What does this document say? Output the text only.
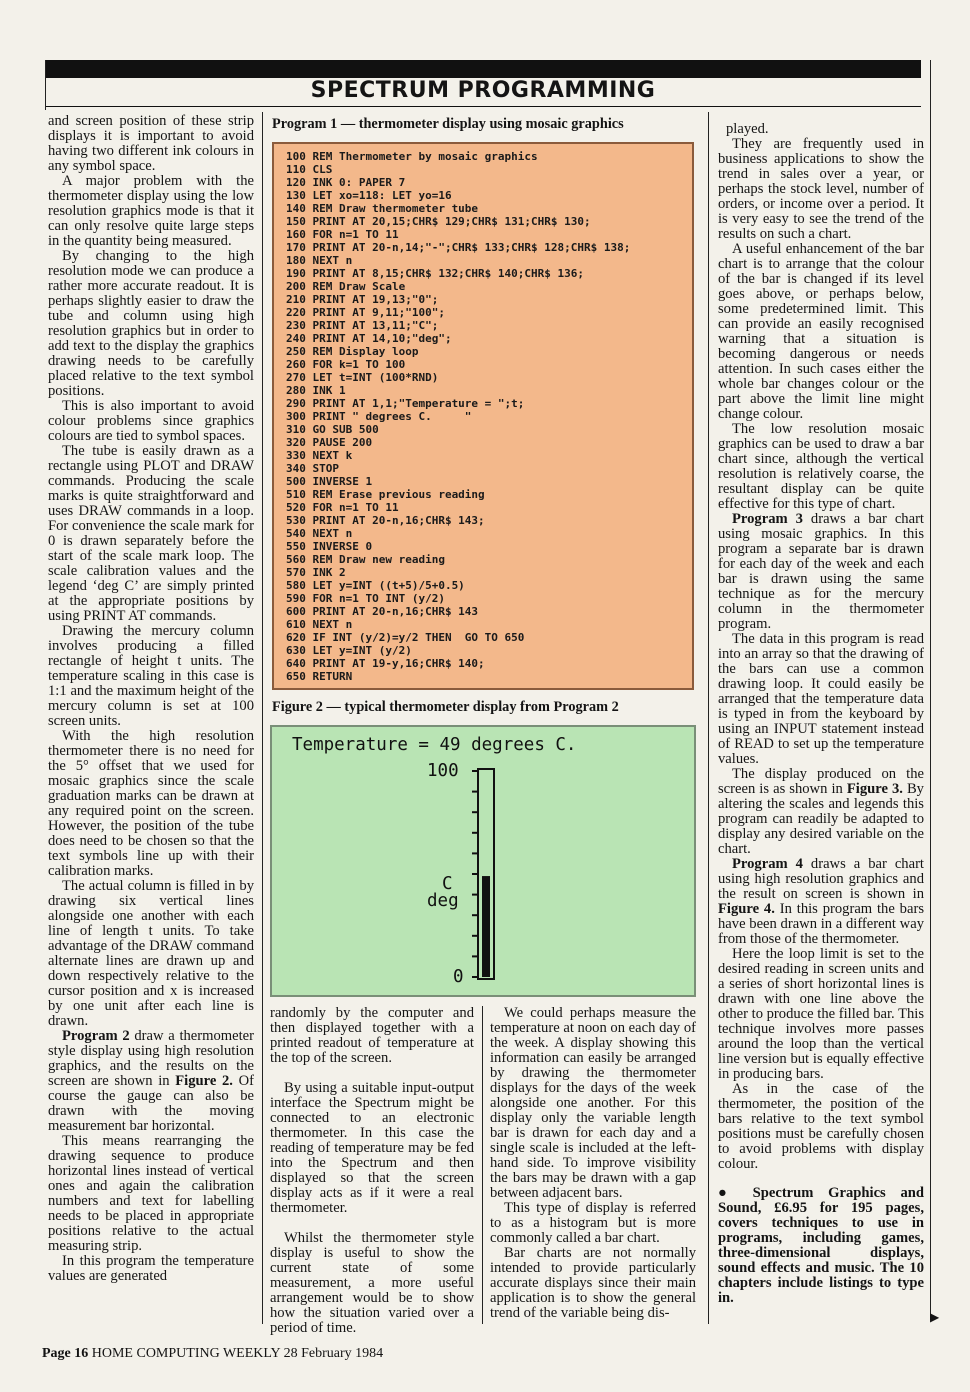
SPECTRUM PROGRAMMING

and screen position of these strip displays it is important to avoid having two different ink colours in any symbol space.

A major problem with the thermometer display using the low resolution graphics mode is that it can only resolve quite large steps in the quantity being measured.

By changing to the high resolution mode we can produce a rather more accurate readout. It is perhaps slightly easier to draw the tube and column using high resolution graphics but in order to add text to the display the graphics drawing needs to be carefully placed relative to the text symbol positions.

This is also important to avoid colour problems since graphics colours are tied to symbol spaces.

The tube is easily drawn as a rectangle using PLOT and DRAW commands. Producing the scale marks is quite straightforward and uses DRAW commands in a loop. For convenience the scale mark for 0 is drawn separately before the start of the scale mark loop. The scale calibration values and the legend ‘deg C’ are simply printed at the appropriate positions by using PRINT AT commands.

Drawing the mercury column involves producing a filled rectangle of height t units. The temperature scaling in this case is 1:1 and the maximum height of the mercury column is set at 100 screen units.

With the high resolution thermometer there is no need for the 5° offset that we used for mosaic graphics since the scale graduation marks can be drawn at any required point on the screen. However, the position of the tube does need to be chosen so that the text symbols line up with their calibration marks.

The actual column is filled in by drawing six vertical lines alongside one another with each line of length t units. To take advantage of the DRAW command alternate lines are drawn up and down respectively relative to the cursor position and x is increased by one unit after each line is drawn.

Program 2 draw a thermometer style display using high resolution graphics, and the results on the screen are shown in Figure 2. Of course the gauge can also be drawn with the moving measurement bar horizontal.

This means rearranging the drawing sequence to produce horizontal lines instead of vertical ones and again the calibration numbers and text for labelling needs to be placed in appropriate positions relative to the actual measuring strip.

In this program the temperature values are generated

Program 1 — thermometer display using mosaic graphics
100 REM Thermometer by mosaic graphics
110 CLS
120 INK 0: PAPER 7
130 LET xo=118: LET yo=16
140 REM Draw thermometer tube
150 PRINT AT 20,15;CHR$ 129;CHR$ 131;CHR$ 130;
160 FOR n=1 TO 11
170 PRINT AT 20-n,14;"-";CHR$ 133;CHR$ 128;CHR$ 138;
180 NEXT n
190 PRINT AT 8,15;CHR$ 132;CHR$ 140;CHR$ 136;
200 REM Draw Scale
210 PRINT AT 19,13;"0";
220 PRINT AT 9,11;"100";
230 PRINT AT 13,11;"C";
240 PRINT AT 14,10;"deg";
250 REM Display loop
260 FOR k=1 TO 100
270 LET t=INT (100*RND)
280 INK 1
290 PRINT AT 1,1;"Temperature = ";t;
300 PRINT " degrees C.     "
310 GO SUB 500
320 PAUSE 200
330 NEXT k
340 STOP
500 INVERSE 1
510 REM Erase previous reading
520 FOR n=1 TO 11
530 PRINT AT 20-n,16;CHR$ 143;
540 NEXT n
550 INVERSE 0
560 REM Draw new reading
570 INK 2
580 LET y=INT ((t+5)/5+0.5)
590 FOR n=1 TO INT (y/2)
600 PRINT AT 20-n,16;CHR$ 143
610 NEXT n
620 IF INT (y/2)=y/2 THEN  GO TO 650
630 LET y=INT (y/2)
640 PRINT AT 19-y,16;CHR$ 140;
650 RETURN
Figure 2 — typical thermometer display from Program 2
Temperature = 49 degrees C.
100
C
deg
0

randomly by the computer and then displayed together with a printed readout of temperature at the top of the screen.

By using a suitable input-output interface the Spectrum might be connected to an electronic thermometer. In this case the reading of temperature may be fed into the Spectrum and then displayed so that the screen display acts as if it were a real thermometer.

Whilst the thermometer style display is useful to show the current state of some measurement, a more useful arrangement would be to show how the situation varied over a period of time.

We could perhaps measure the temperature at noon on each day of the week. A display showing this information can easily be arranged by drawing the thermometer displays for the days of the week alongside one another. For this display only the variable length bar is drawn for each day and a single scale is included at the left-hand side. To improve visibility the bars may be drawn with a gap between adjacent bars.

This type of display is referred to as a histogram but is more commonly called a bar chart.

Bar charts are not normally intended to provide particularly accurate displays since their main application is to show the general trend of the variable being dis-

played.

They are frequently used in business applications to show the trend in sales over a year, or perhaps the stock level, number of orders, or income over a period. It is very easy to see the trend of the results on such a chart.

A useful enhancement of the bar chart is to arrange that the colour of the bar is changed if its level goes above, or perhaps below, some predetermined limit. This can provide an easily recognised warning that a situation is becoming dangerous or needs attention. In such cases either the whole bar changes colour or the part above the limit line might change colour.

The low resolution mosaic graphics can be used to draw a bar chart since, although the vertical resolution is relatively coarse, the resultant display can be quite effective for this type of chart.

Program 3 draws a bar chart using mosaic graphics. In this program a separate bar is drawn for each day of the week and each bar is drawn using the same technique as for the mercury column in the thermometer program.

The data in this program is read into an array so that the drawing of the bars can use a common drawing loop. It could easily be arranged that the temperature data is typed in from the keyboard by using an INPUT statement instead of READ to set up the temperature values.

The display produced on the screen is as shown in Figure 3. By altering the scales and legends this program can readily be adapted to display any desired variable on the chart.

Program 4 draws a bar chart using high resolution graphics and the result on screen is shown in Figure 4. In this program the bars have been drawn in a different way from those of the thermometer.

Here the loop limit is set to the desired reading in screen units and a series of short horizontal lines is drawn with one line above the other to produce the filled bar. This technique involves more passes around the loop than the vertical line version but is equally effective in producing bars.

As in the case of the thermometer, the position of the bars relative to the text symbol positions must be carefully chosen to avoid problems with display colour.

● Spectrum Graphics and Sound, £6.95 for 195 pages, covers techniques to use in programs, including games, three-dimensional displays, sound effects and music. The 10 chapters include listings to type in.

▶
Page 16 HOME COMPUTING WEEKLY 28 February 1984
